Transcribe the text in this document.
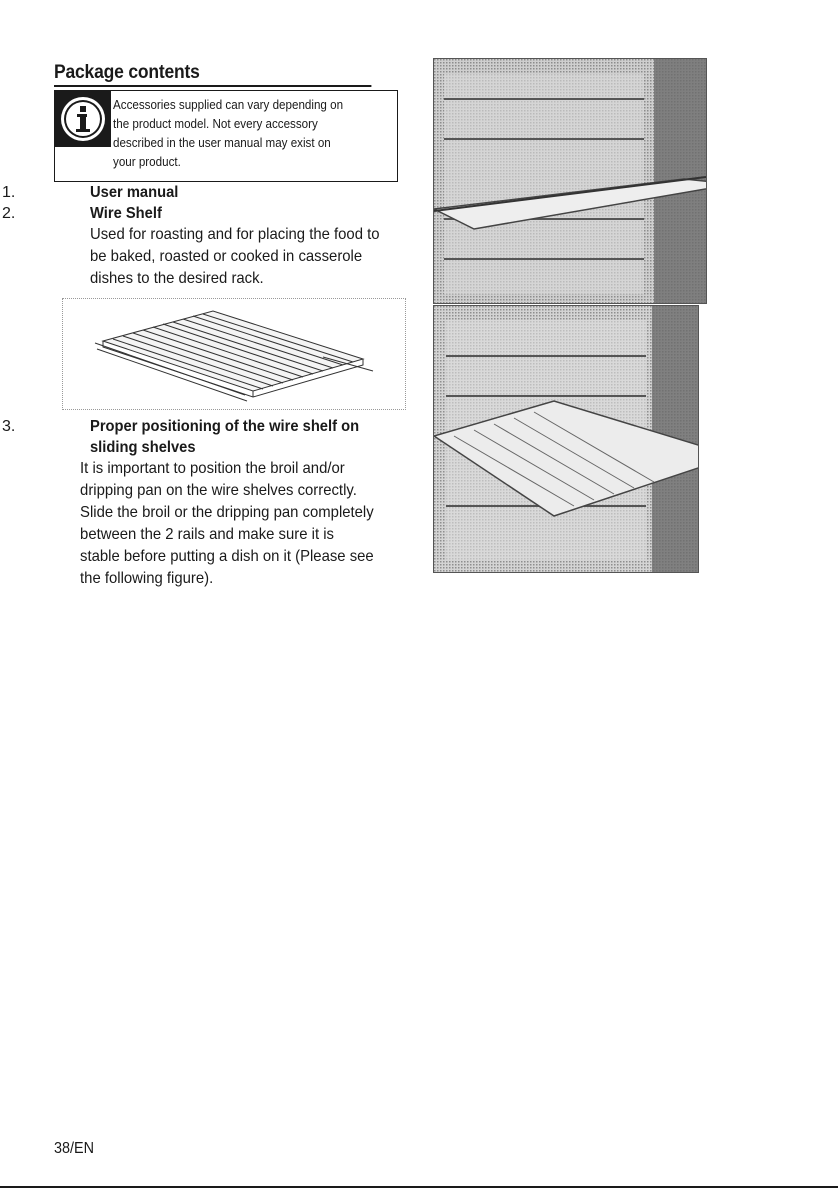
Package contents
Accessories supplied can vary depending on
the product model. Not every accessory
described in the user manual may exist on
your product.
1.	User manual
2.	Wire Shelf
Used for roasting and for placing the food to
be baked, roasted or cooked in casserole
dishes to the desired rack.
3.	Proper positioning of the wire shelf on
sliding shelves
It is important to position the broil and/or
dripping pan on the wire shelves correctly.
Slide the broil or the dripping pan completely
between the 2 rails and make sure it is
stable before putting a dish on it (Please see
the following figure).
38/EN
